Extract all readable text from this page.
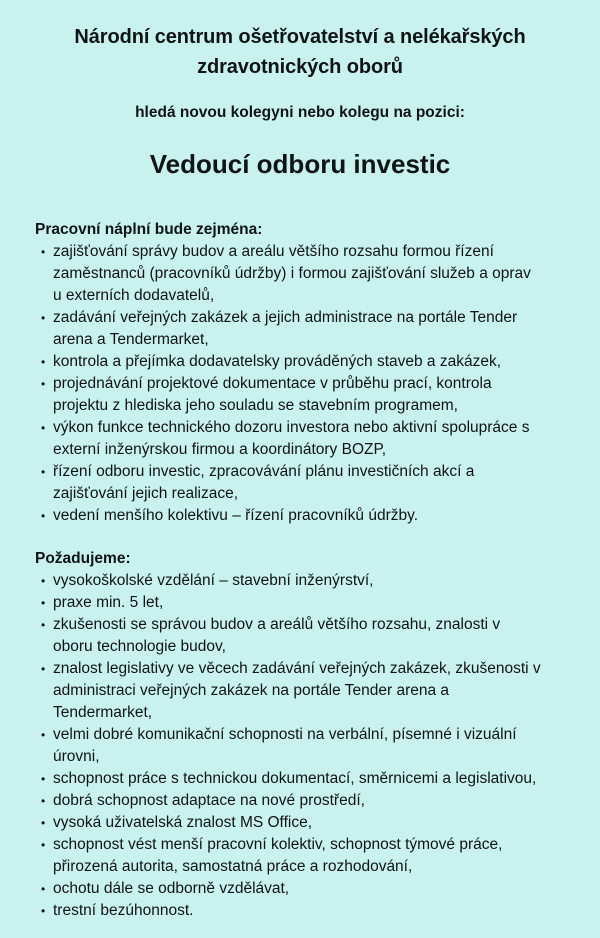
Národní centrum ošetřovatelství a nelékařských
zdravotnických oborů
hledá novou kolegyni nebo kolegu na pozici:
Vedoucí odboru investic
Pracovní náplní bude zejména:
• zajišťování správy budov a areálu většího rozsahu formou řízení
zaměstnanců (pracovníků údržby) i formou zajišťování služeb a oprav
u externích dodavatelů,
• zadávání veřejných zakázek a jejich administrace na portále Tender
arena a Tendermarket,
• kontrola a přejímka dodavatelsky prováděných staveb a zakázek,
• projednávání projektové dokumentace v průběhu prací, kontrola
projektu z hlediska jeho souladu se stavebním programem,
• výkon funkce technického dozoru investora nebo aktivní spolupráce s
externí inženýrskou firmou a koordinátory BOZP,
• řízení odboru investic, zpracovávání plánu investičních akcí a
zajišťování jejich realizace,
• vedení menšího kolektivu – řízení pracovníků údržby.
Požadujeme:
• vysokoškolské vzdělání – stavební inženýrství,
• praxe min. 5 let,
• zkušenosti se správou budov a areálů většího rozsahu, znalosti v
oboru technologie budov,
• znalost legislativy ve věcech zadávání veřejných zakázek, zkušenosti v
administraci veřejných zakázek na portále Tender arena a
Tendermarket,
• velmi dobré komunikační schopnosti na verbální, písemné i vizuální
úrovni,
• schopnost práce s technickou dokumentací, směrnicemi a legislativou,
• dobrá schopnost adaptace na nové prostředí,
• vysoká uživatelská znalost MS Office,
• schopnost vést menší pracovní kolektiv, schopnost týmové práce,
přirozená autorita, samostatná práce a rozhodování,
• ochotu dále se odborně vzdělávat,
• trestní bezúhonnost.
